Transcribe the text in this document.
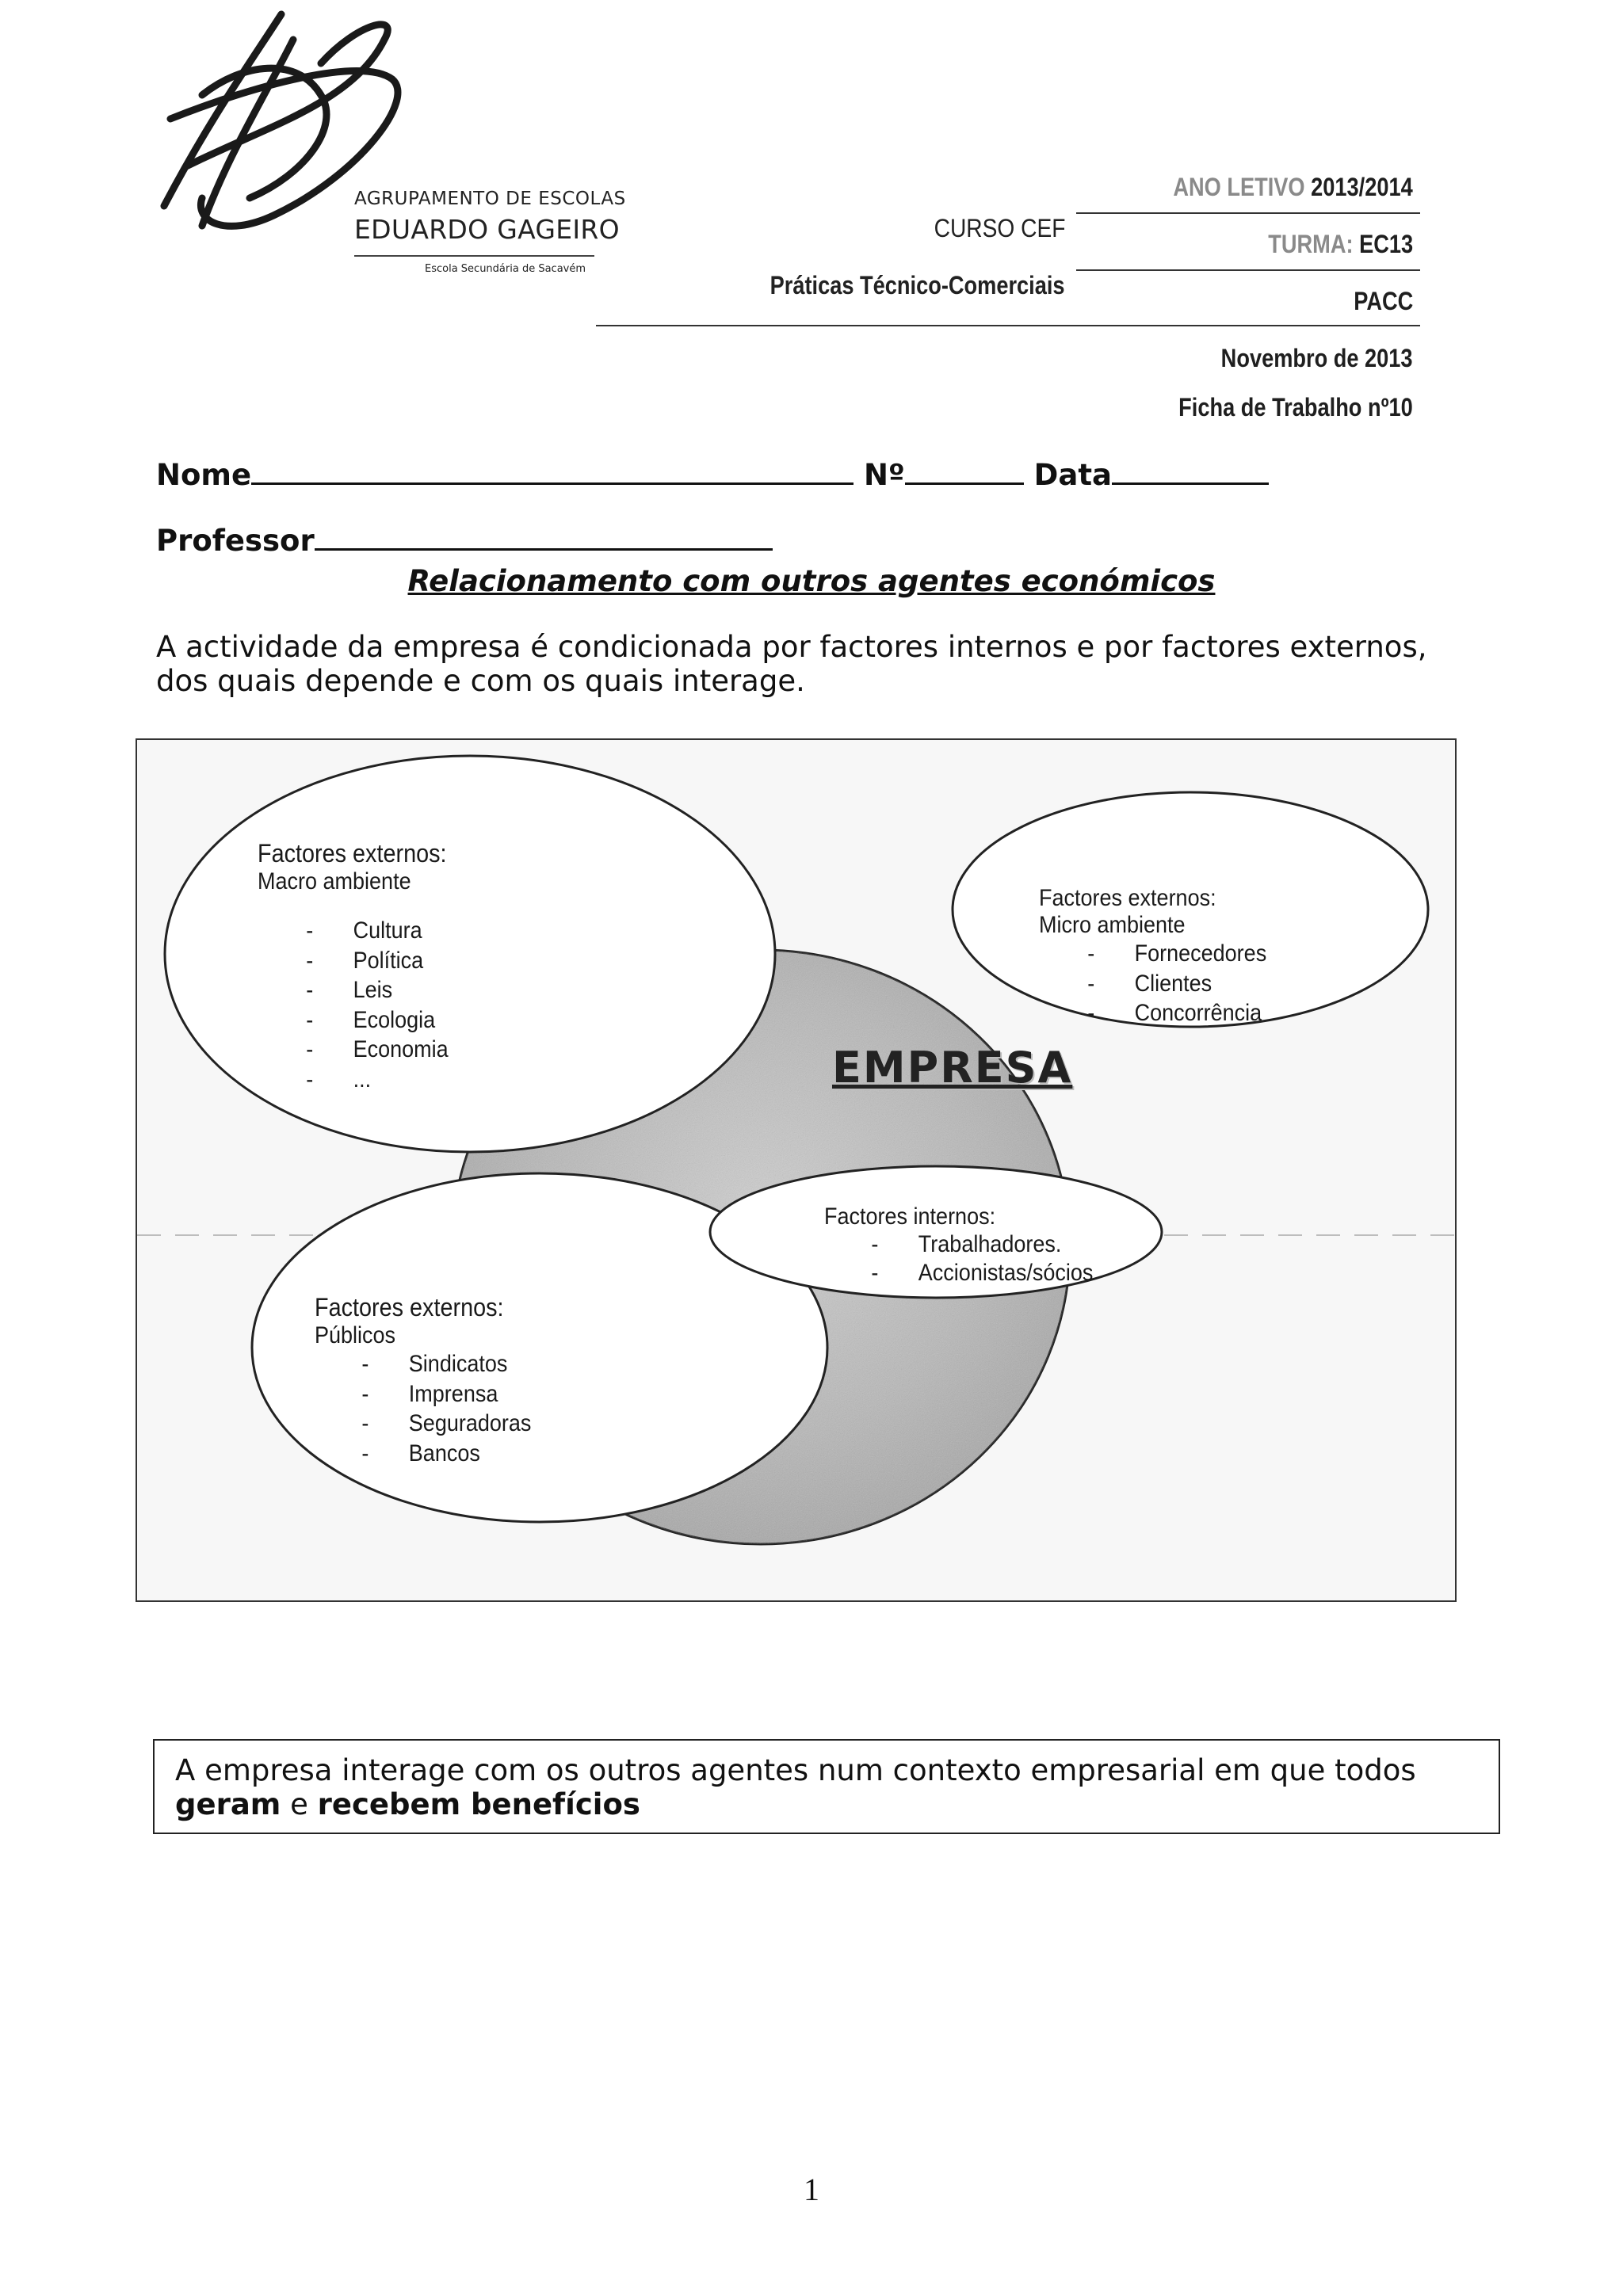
AGRUPAMENTO DE ESCOLAS
EDUARDO GAGEIRO
Escola Secundária de Sacavém
CURSO CEF
Práticas Técnico-Comerciais
ANO LETIVO 2013/2014
TURMA: EC13
PACC
Novembro de 2013
Ficha de Trabalho nº10
Nome	Nº	Data
Professor
Relacionamento com outros agentes económicos
A actividade da empresa é condicionada por factores internos e por factores externos, dos quais depende e com os quais interage.
EMPRESA
Factores externos:
Macro ambiente
- Cultura
- Política
- Leis
- Ecologia
- Economia
- ...
Factores externos:
Micro ambiente
- Fornecedores
- Clientes
- Concorrência
Factores internos:
- Trabalhadores.
- Accionistas/sócios
Factores externos:
Públicos
- Sindicatos
- Imprensa
- Seguradoras
- Bancos
A empresa interage com os outros agentes num contexto empresarial em que todos geram e recebem benefícios
1
